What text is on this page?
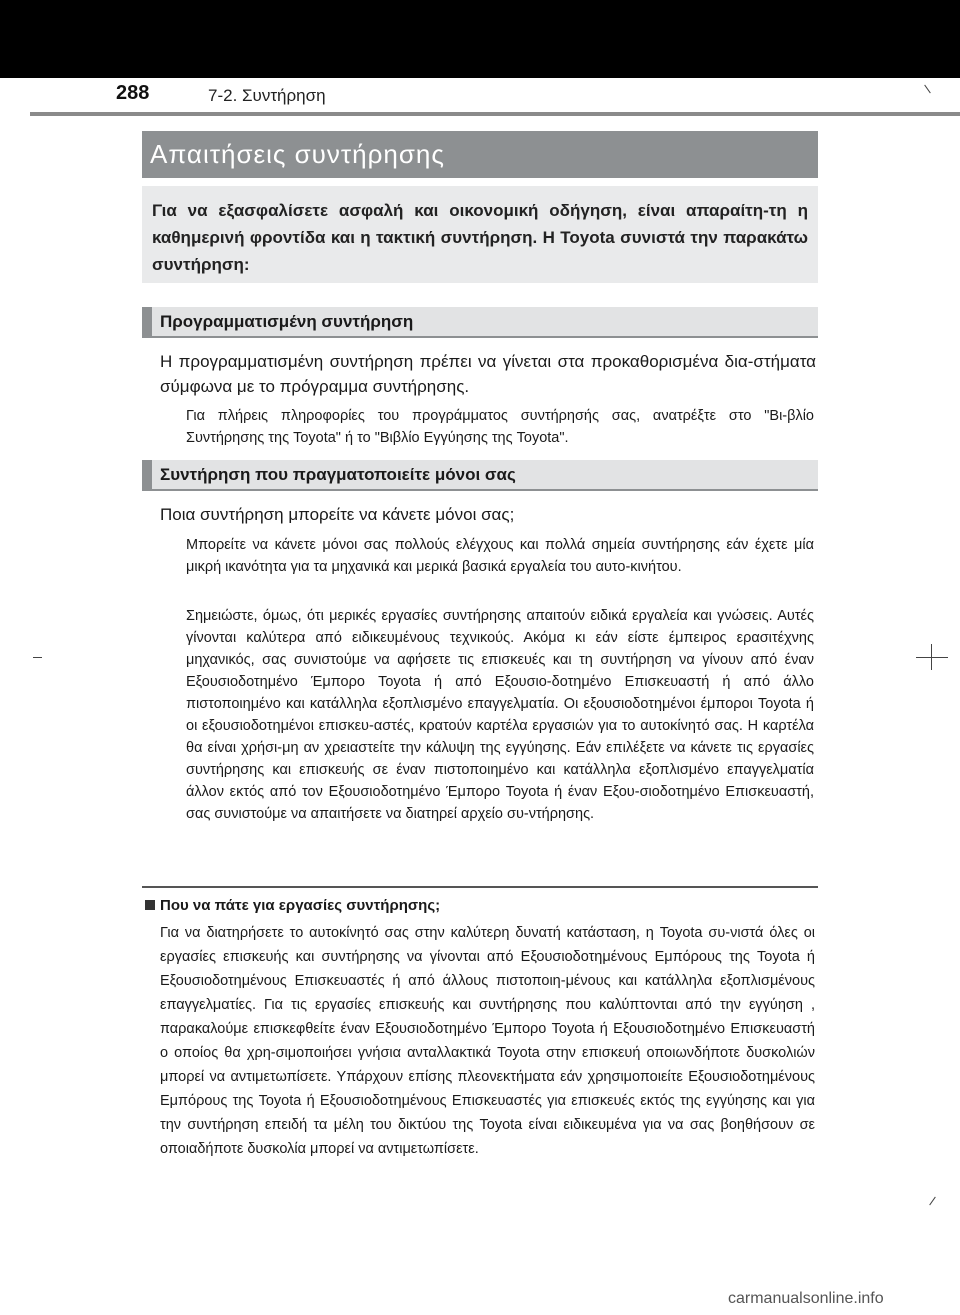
288	7-2. Συντήρηση
Απαιτήσεις συντήρησης
Για να εξασφαλίσετε ασφαλή και οικονομική οδήγηση, είναι απαραίτη-τη η καθημερινή φροντίδα και η τακτική συντήρηση. Η Toyota συνιστά την παρακάτω συντήρηση:
Προγραμματισμένη συντήρηση
Η προγραμματισμένη συντήρηση πρέπει να γίνεται στα προκαθορισμένα δια-στήματα σύμφωνα με το πρόγραμμα συντήρησης.
Για πλήρεις πληροφορίες του προγράμματος συντήρησής σας, ανατρέξτε στο "Βι-βλίο Συντήρησης της Toyota" ή το "Βιβλίο Εγγύησης της Toyota".
Συντήρηση που πραγματοποιείτε μόνοι σας
Ποια συντήρηση μπορείτε να κάνετε μόνοι σας;
Μπορείτε να κάνετε μόνοι σας πολλούς ελέγχους και πολλά σημεία συντήρησης εάν έχετε μία μικρή ικανότητα για τα μηχανικά και μερικά βασικά εργαλεία του αυτο-κινήτου.
Σημειώστε, όμως, ότι μερικές εργασίες συντήρησης απαιτούν ειδικά εργαλεία και γνώσεις. Αυτές γίνονται καλύτερα από ειδικευμένους τεχνικούς. Ακόμα κι εάν είστε έμπειρος ερασιτέχνης μηχανικός, σας συνιστούμε να αφήσετε τις επισκευές και τη συντήρηση να γίνουν από έναν Εξουσιοδοτημένο Έμπορο Toyota ή από Εξουσιο-δοτημένο Επισκευαστή ή από άλλο πιστοποιημένο και κατάλληλα εξοπλισμένο επαγγελματία. Οι εξουσιοδοτημένοι έμποροι Toyota ή οι εξουσιοδοτημένοι επισκευ-αστές, κρατούν καρτέλα εργασιών για το αυτοκίνητό σας. Η καρτέλα θα είναι χρήσι-μη αν χρειαστείτε την κάλυψη της εγγύησης. Εάν επιλέξετε να κάνετε τις εργασίες συντήρησης και επισκευής σε έναν πιστοποιημένο και κατάλληλα εξοπλισμένο επαγγελματία άλλον εκτός από τον Εξουσιοδοτημένο Έμπορο Toyota ή έναν Εξου-σιοδοτημένο Επισκευαστή, σας συνιστούμε να απαιτήσετε να διατηρεί αρχείο συ-ντήρησης.
Που να πάτε για εργασίες συντήρησης;
Για να διατηρήσετε το αυτοκίνητό σας στην καλύτερη δυνατή κατάσταση, η Toyota συ-νιστά όλες οι εργασίες επισκευής και συντήρησης να γίνονται από Εξουσιοδοτημένους Εμπόρους της Toyota ή Εξουσιοδοτημένους Επισκευαστές ή από άλλους πιστοποιη-μένους και κατάλληλα εξοπλισμένους επαγγελματίες. Για τις εργασίες επισκευής και συντήρησης που καλύπτονται από την εγγύηση , παρακαλούμε επισκεφθείτε έναν Εξουσιοδοτημένο Έμπορο Toyota ή Εξουσιοδοτημένο Επισκευαστή ο οποίος θα χρη-σιμοποιήσει γνήσια ανταλλακτικά Toyota στην επισκευή οποιωνδήποτε δυσκολιών μπορεί να αντιμετωπίσετε. Υπάρχουν επίσης πλεονεκτήματα εάν χρησιμοποιείτε Εξουσιοδοτημένους Εμπόρους της Toyota ή Εξουσιοδοτημένους Επισκευαστές για επισκευές εκτός της εγγύησης και για την συντήρηση επειδή τα μέλη του δικτύου της Toyota είναι ειδικευμένα για να σας βοηθήσουν σε οποιαδήποτε δυσκολία μπορεί να αντιμετωπίσετε.
carmanualsonline.info
